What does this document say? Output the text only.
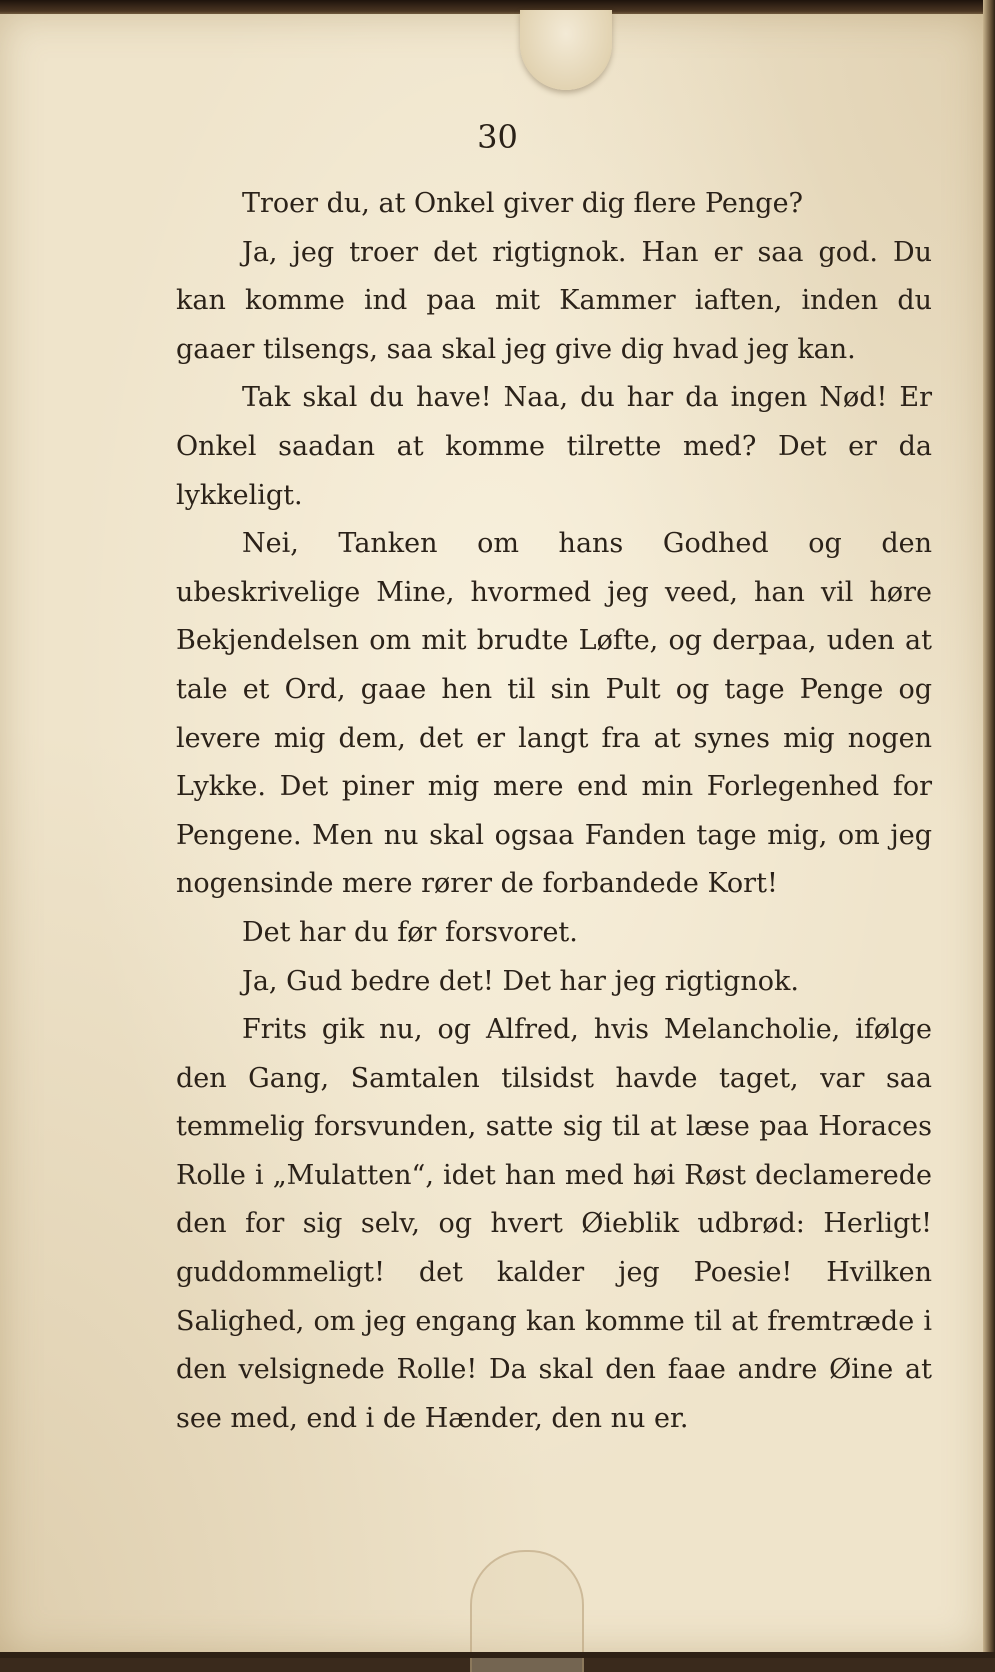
30

Troer du, at Onkel giver dig flere Penge?

Ja, jeg troer det rigtignok. Han er saa god. Du kan komme ind paa mit Kammer iaften, inden du gaaer tilsengs, saa skal jeg give dig hvad jeg kan.

Tak skal du have! Naa, du har da ingen Nød! Er Onkel saadan at komme tilrette med? Det er da lykkeligt.

Nei, Tanken om hans Godhed og den ubeskrivelige Mine, hvormed jeg veed, han vil høre Bekjendelsen om mit brudte Løfte, og derpaa, uden at tale et Ord, gaae hen til sin Pult og tage Penge og levere mig dem, det er langt fra at synes mig nogen Lykke. Det piner mig mere end min Forlegenhed for Pengene. Men nu skal ogsaa Fanden tage mig, om jeg nogensinde mere rører de forbandede Kort!

Det har du før forsvoret.

Ja, Gud bedre det! Det har jeg rigtignok.

Frits gik nu, og Alfred, hvis Melancholie, ifølge den Gang, Samtalen tilsidst havde taget, var saa temmelig forsvunden, satte sig til at læse paa Horaces Rolle i „Mulatten“, idet han med høi Røst declamerede den for sig selv, og hvert Øieblik udbrød: Herligt! guddommeligt! det kalder jeg Poesie! Hvilken Salighed, om jeg engang kan komme til at fremtræde i den velsignede Rolle! Da skal den faae andre Øine at see med, end i de Hænder, den nu er.
